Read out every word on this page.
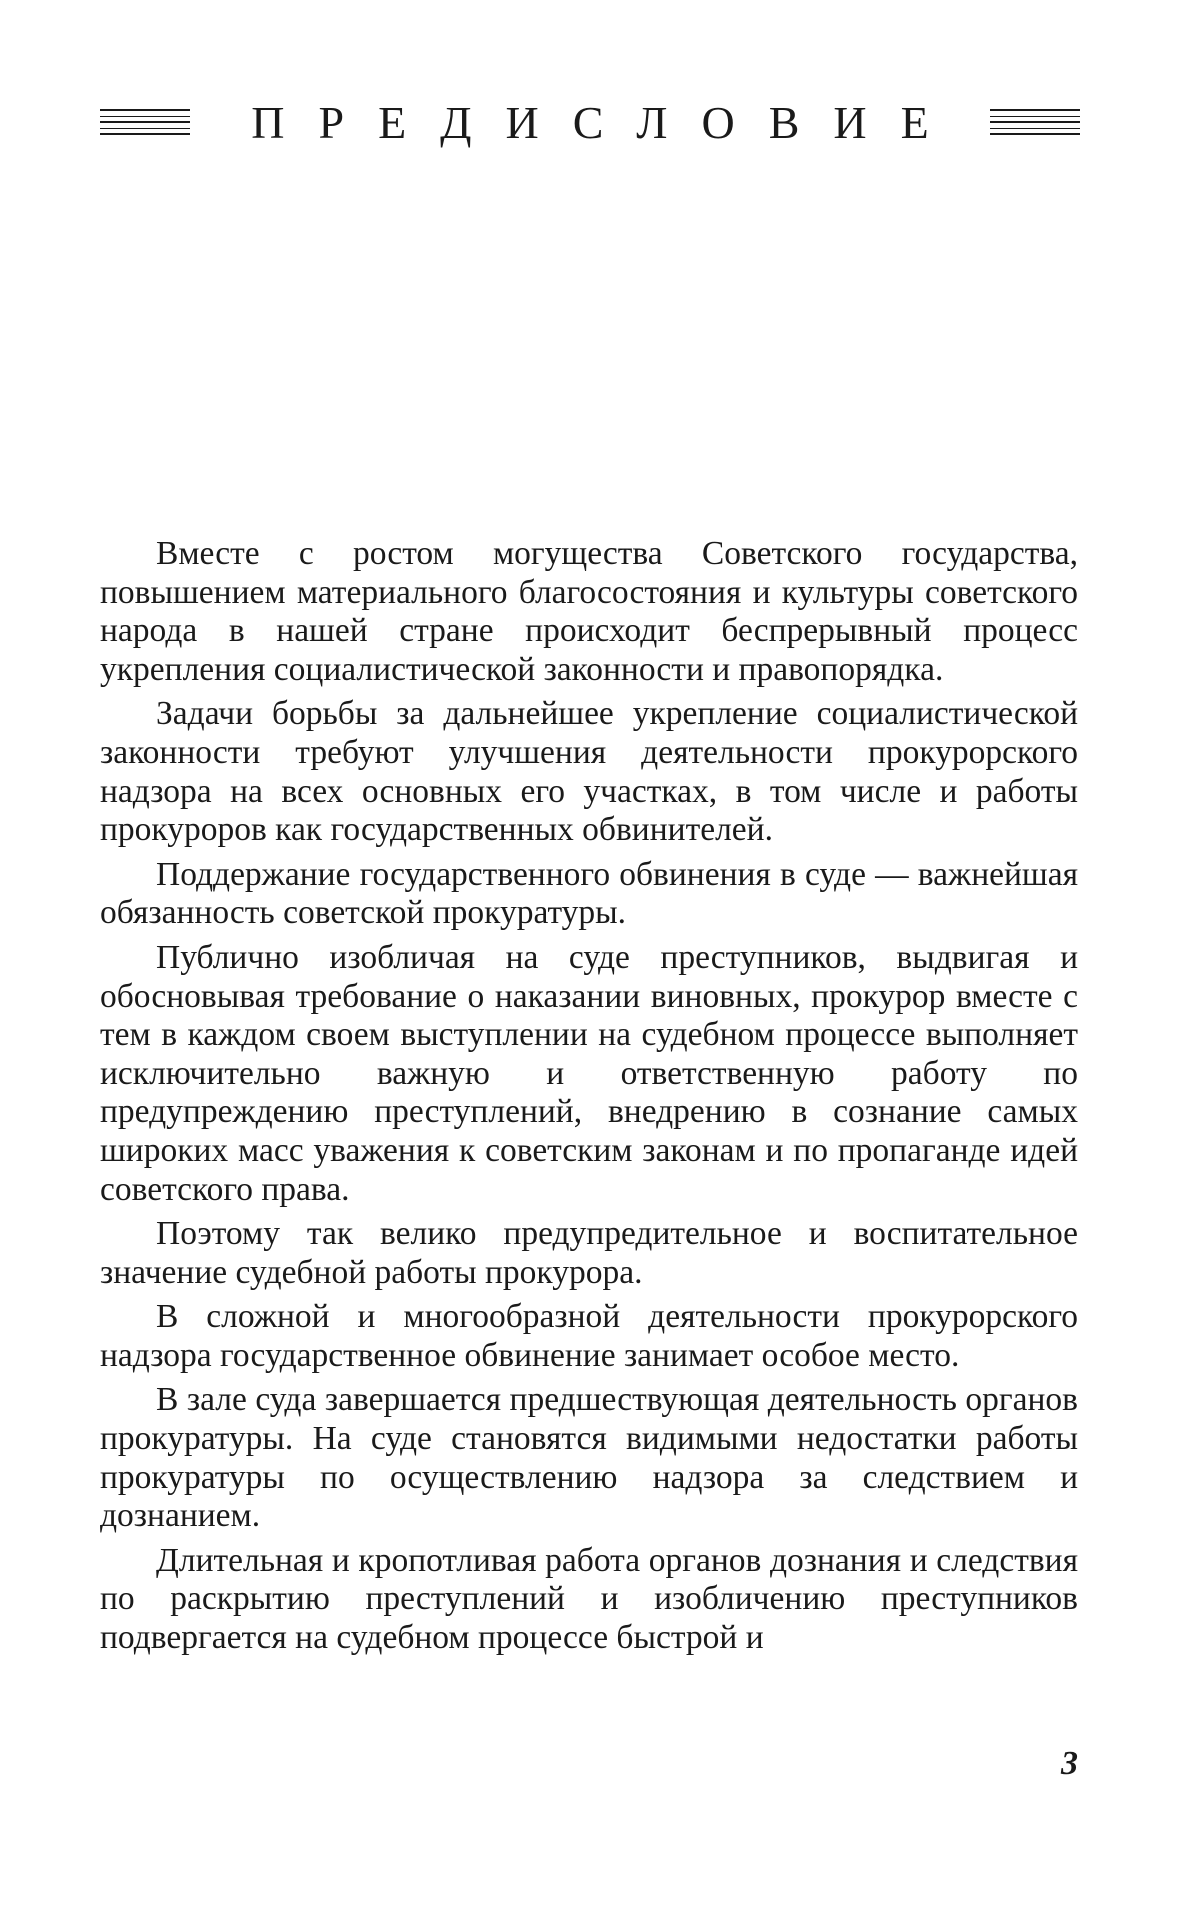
ПРЕДИСЛОВИЕ

Вместе с ростом могущества Советского государства, повышением материального благосостояния и культуры советского народа в нашей стране происходит беспрерывный процесс укрепления социалистической законности и правопорядка.

Задачи борьбы за дальнейшее укрепление социалистической законности требуют улучшения деятельности прокурорского надзора на всех основных его участках, в том числе и работы прокуроров как государственных обвинителей.

Поддержание государственного обвинения в суде — важнейшая обязанность советской прокуратуры.

Публично изобличая на суде преступников, выдвигая и обосновывая требование о наказании виновных, прокурор вместе с тем в каждом своем выступлении на судебном процессе выполняет исключительно важную и ответственную работу по предупреждению преступлений, внедрению в сознание самых широких масс уважения к советским законам и по пропаганде идей советского права.

Поэтому так велико предупредительное и воспитательное значение судебной работы прокурора.

В сложной и многообразной деятельности прокурорского надзора государственное обвинение занимает особое место.

В зале суда завершается предшествующая деятельность органов прокуратуры. На суде становятся видимыми недостатки работы прокуратуры по осуществлению надзора за следствием и дознанием.

Длительная и кропотливая работа органов дознания и следствия по раскрытию преступлений и изобличению преступников подвергается на судебном процессе быстрой и

3
